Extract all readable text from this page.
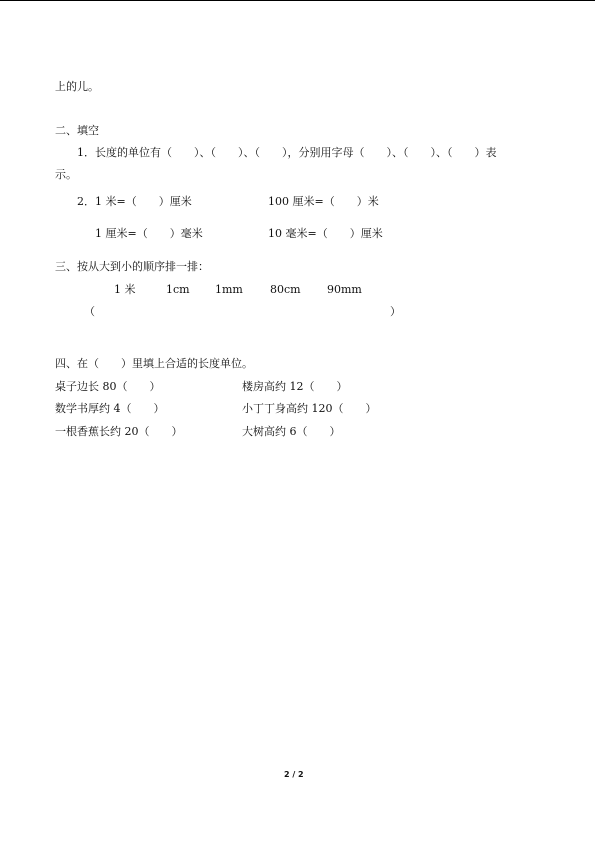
上的儿。
二、填空
1．长度的单位有（　　）、（　　）、（　　），分别用字母（　　）、（　　）、（　　）表
示。
2．1 米=（　　）厘米	100 厘米=（　　）米
1 厘米=（　　）毫米	10 毫米=（　　）厘米
三、按从大到小的顺序排一排：
1 米	1cm 1mm 80cm 90mm
（	）
四、在（　　）里填上合适的长度单位。
桌子边长 80（　　）	楼房高约 12（　　）
数学书厚约 4（　　）	小丁丁身高约 120（　　）
一根香蕉长约 20（　　）	大树高约 6（　　）
2 / 2
